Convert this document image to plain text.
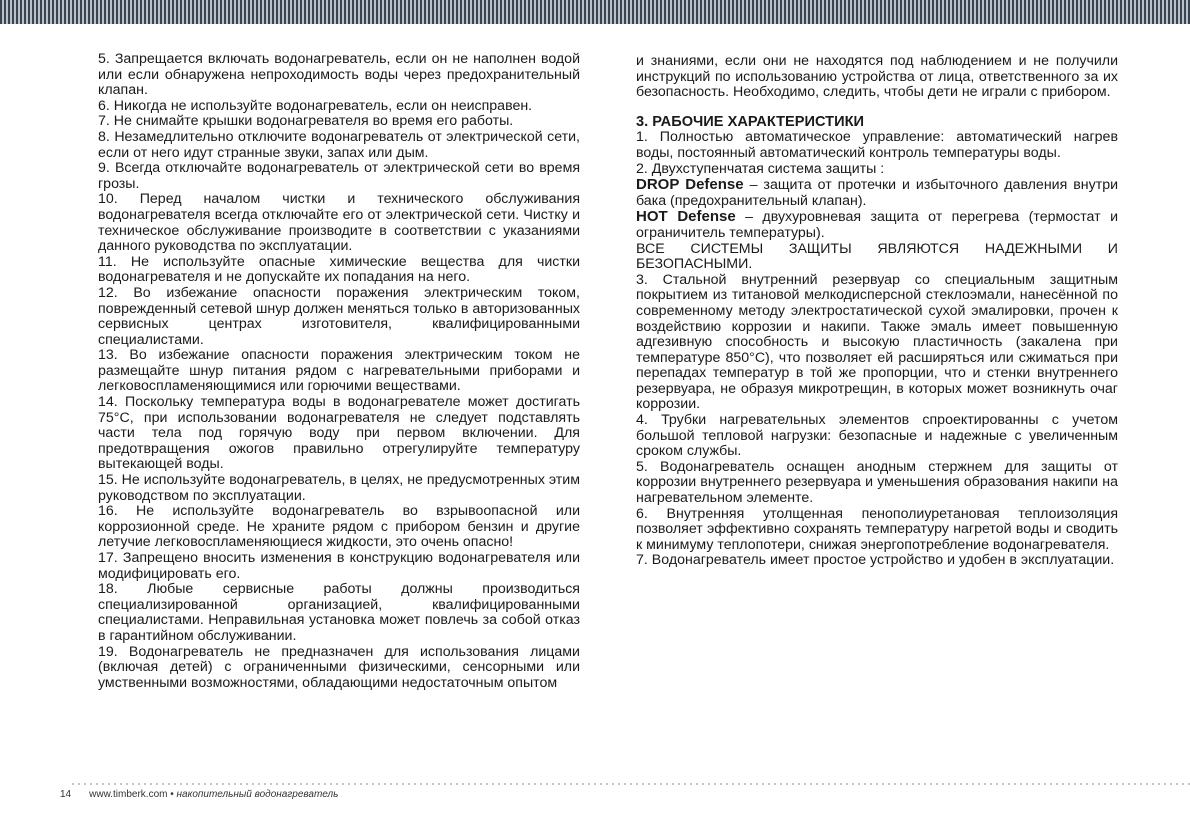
5. Запрещается включать водонагреватель, если он не наполнен водой или если обнаружена непроходимость воды через предохранительный клапан.

6. Никогда не используйте водонагреватель, если он неисправен.

7. Не снимайте крышки водонагревателя во время его работы.

8. Незамедлительно отключите водонагреватель от электрической сети, если от него идут странные звуки, запах или дым.

9. Всегда отключайте водонагреватель от электрической сети во время грозы.

10. Перед началом чистки и технического обслуживания водонагревателя всегда отключайте его от электрической сети. Чистку и техническое обслуживание производите в соответствии с указаниями данного руководства по эксплуатации.

11. Не используйте опасные химические вещества для чистки водонагревателя и не допускайте их попадания на него.

12. Во избежание опасности поражения электрическим током, поврежденный сетевой шнур должен меняться только в авторизованных сервисных центрах изготовителя, квалифицированными специалистами.

13. Во избежание опасности поражения электрическим током не размещайте шнур питания рядом с нагревательными приборами и легковоспламеняющимися или горючими веществами.

14. Поскольку температура воды в водонагревателе может достигать 75°С, при использовании водонагревателя не следует подставлять части тела под горячую воду при первом включении. Для предотвращения ожогов правильно отрегулируйте температуру вытекающей воды.

15. Не используйте водонагреватель, в целях, не предусмотренных этим руководством по эксплуатации.

16. Не используйте водонагреватель во взрывоопасной или коррозионной среде. Не храните рядом с прибором бензин и другие летучие легковоспламеняющиеся жидкости, это очень опасно!

17. Запрещено вносить изменения в конструкцию водонагревателя или модифицировать его.

18. Любые сервисные работы должны производиться специализированной организацией, квалифицированными специалистами. Неправильная установка может повлечь за собой отказ в гарантийном обслуживании.

19. Водонагреватель не предназначен для использования лицами (включая детей) с ограниченными физическими, сенсорными или умственными возможностями, обладающими недостаточным опытом

и знаниями, если они не находятся под наблюдением и не получили инструкций по использованию устройства от лица, ответственного за их безопасность. Необходимо, следить, чтобы дети не играли с прибором.

3. РАБОЧИЕ ХАРАКТЕРИСТИКИ

1. Полностью автоматическое управление: автоматический нагрев воды, постоянный автоматический контроль температуры воды.

2. Двухступенчатая система защиты :

DROP Defense – защита от протечки и избыточного давления внутри бака (предохранительный клапан).

HOT Defense – двухуровневая защита от перегрева (термостат и ограничитель температуры).

ВСЕ СИСТЕМЫ ЗАЩИТЫ ЯВЛЯЮТСЯ НАДЕЖНЫМИ И БЕЗОПАСНЫМИ.

3. Стальной внутренний резервуар со специальным защитным покрытием из титановой мелкодисперсной стеклоэмали, нанесённой по современному методу электростатической сухой эмалировки, прочен к воздействию коррозии и накипи. Также эмаль имеет повышенную адгезивную способность и высокую пластичность (закалена при температуре 850°С), что позволяет ей расширяться или сжиматься при перепадах температур в той же пропорции, что и стенки внутреннего резервуара, не образуя микротрещин, в которых может возникнуть очаг коррозии.

4. Трубки нагревательных элементов спроектированны с учетом большой тепловой нагрузки: безопасные и надежные с увеличенным сроком службы.

5. Водонагреватель оснащен анодным стержнем для защиты от коррозии внутреннего резервуара и уменьшения образования накипи на нагревательном элементе.

6. Внутренняя утолщенная пенополиуретановая теплоизоляция позволяет эффективно сохранять температуру нагретой воды и сводить к минимуму теплопотери, снижая энергопотребление водонагревателя.

7. Водонагреватель имеет простое устройство и удобен в эксплуатации.

14 www.timberk.com • накопительный водонагреватель
